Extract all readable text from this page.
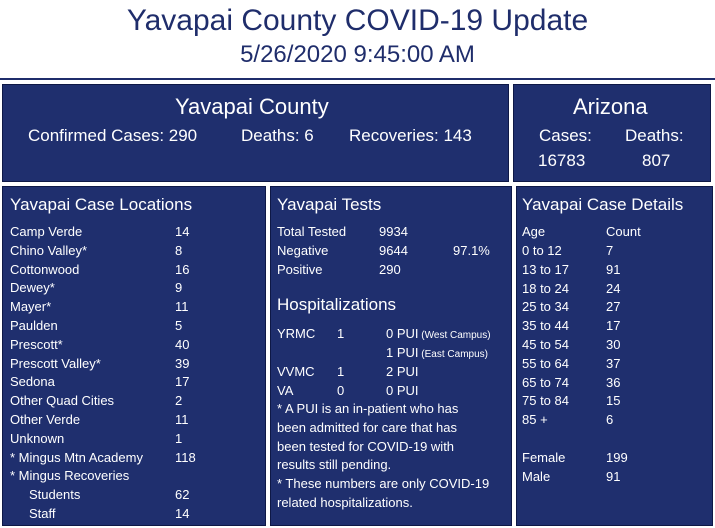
Yavapai County COVID-19 Update
5/26/2020 9:45:00 AM
Yavapai County
Confirmed Cases: 290	Deaths: 6 Recoveries: 143
Arizona
Cases: Deaths:
16783	807
Yavapai Case Locations
Camp Verde	14
Chino Valley*	8
Cottonwood	16
Dewey*	9
Mayer*	11
Paulden	5
Prescott*	40
Prescott Valley*	39
Sedona	17
Other Quad Cities	2
Other Verde	11
Unknown	1
* Mingus Mtn Academy 118
* Mingus Recoveries
Students	62
Staff	14
Yavapai Tests
Total Tested	9934
Negative	9644	97.1%
Positive	290
Hospitalizations
YRMC 1	0 PUI (West Campus)
1 PUI (East Campus)
VVMC 1	2 PUI
VA	0	0 PUI
* A PUI is an in-patient who has
been admitted for care that has
been tested for COVID-19 with
results still pending.
* These numbers are only COVID-19
related hospitalizations.
Yavapai Case Details
Age	Count
0 to 12	7
13 to 17	91
18 to 24	24
25 to 34	27
35 to 44	17
45 to 54	30
55 to 64	37
65 to 74	36
75 to 84	15
85 +	6
Female	199
Male	91
